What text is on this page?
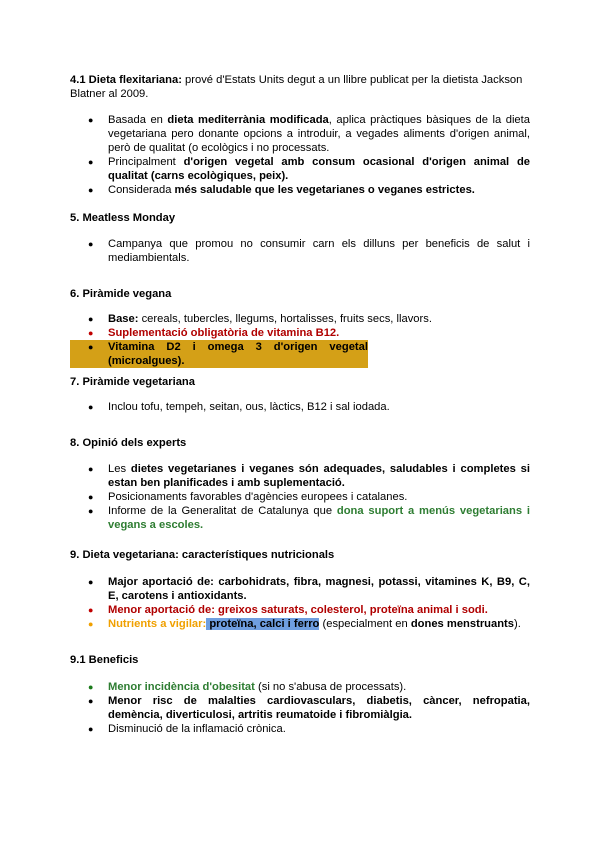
4.1 Dieta flexitariana: prové d'Estats Units degut a un llibre publicat per la dietista Jackson Blatner al 2009.

● Basada en dieta mediterrània modificada, aplica pràctiques bàsiques de la dieta vegetariana pero donante opcions a introduir, a vegades aliments d'origen animal, però de qualitat (o ecològics i no processats.
● Principalment d'origen vegetal amb consum ocasional d'origen animal de qualitat (carns ecològiques, peix).
● Considerada més saludable que les vegetarianes o veganes estrictes.

5. Meatless Monday

● Campanya que promou no consumir carn els dilluns per beneficis de salut i mediambientals.

6. Piràmide vegana

● Base: cereals, tubercles, llegums, hortalisses, fruits secs, llavors.
● Suplementació obligatòria de vitamina B12.
● Vitamina D2 i omega 3 d'origen vegetal (microalgues).

7. Piràmide vegetariana

● Inclou tofu, tempeh, seitan, ous, làctics, B12 i sal iodada.

8. Opinió dels experts

● Les dietes vegetarianes i veganes són adequades, saludables i completes si estan ben planificades i amb suplementació.
● Posicionaments favorables d'agències europees i catalanes.
● Informe de la Generalitat de Catalunya que dona suport a menús vegetarians i vegans a escoles.

9. Dieta vegetariana: característiques nutricionals

● Major aportació de: carbohidrats, fibra, magnesi, potassi, vitamines K, B9, C, E, carotens i antioxidants.
● Menor aportació de: greixos saturats, colesterol, proteïna animal i sodi.
● Nutrients a vigilar: proteïna, calci i ferro (especialment en dones menstruants).

9.1 Beneficis

● Menor incidència d'obesitat (si no s'abusa de processats).
● Menor risc de malalties cardiovasculars, diabetis, càncer, nefropatia, demència, diverticulosi, artritis reumatoide i fibromiàlgia.
● Disminució de la inflamació crònica.
